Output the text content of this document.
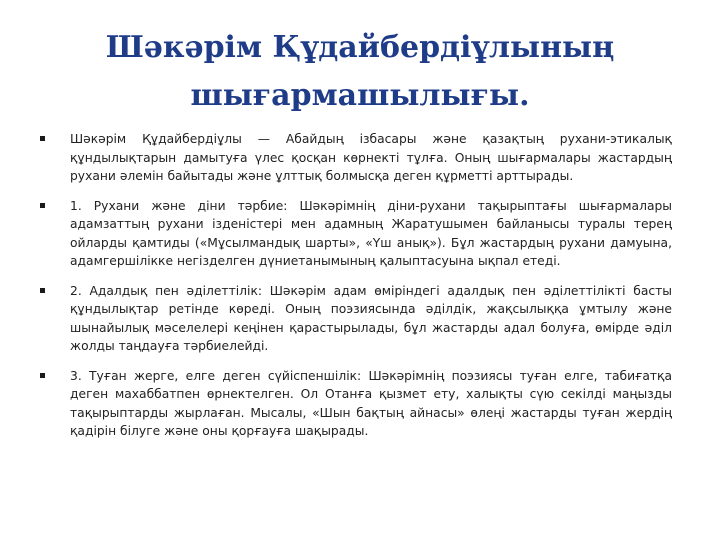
Шәкәрім Құдайбердіұлының
шығармашылығы.
Шәкәрім Құдайбердіұлы — Абайдың ізбасары және қазақтың рухани-этикалық құндылықтарын дамытуға үлес қосқан көрнекті тұлға. Оның шығармалары жастардың рухани әлемін байытады және ұлттық болмысқа деген құрметті арттырады.
1. Рухани және діни тәрбие: Шәкәрімнің діни-рухани тақырыптағы шығармалары адамзаттың рухани ізденістері мен адамның Жаратушымен байланысы туралы терең ойларды қамтиды («Мұсылмандық шарты», «Үш анық»). Бұл жастардың рухани дамуына, адамгершілікке негізделген дүниетанымының қалыптасуына ықпал етеді.
2. Адалдық пен әділеттілік: Шәкәрім адам өміріндегі адалдық пен әділеттілікті басты құндылықтар ретінде көреді. Оның поэзиясында әділдік, жақсылыққа ұмтылу және шынайылық мәселелері кеңінен қарастырылады, бұл жастарды адал болуға, өмірде әділ жолды таңдауға тәрбиелейді.
3. Туған жерге, елге деген сүйіспеншілік: Шәкәрімнің поэзиясы туған елге, табиғатқа деген махаббатпен өрнектелген. Ол Отанға қызмет ету, халықты сүю секілді маңызды тақырыптарды жырлаған. Мысалы, «Шын бақтың айнасы» өлеңі жастарды туған жердің қадірін білуге және оны қорғауға шақырады.
